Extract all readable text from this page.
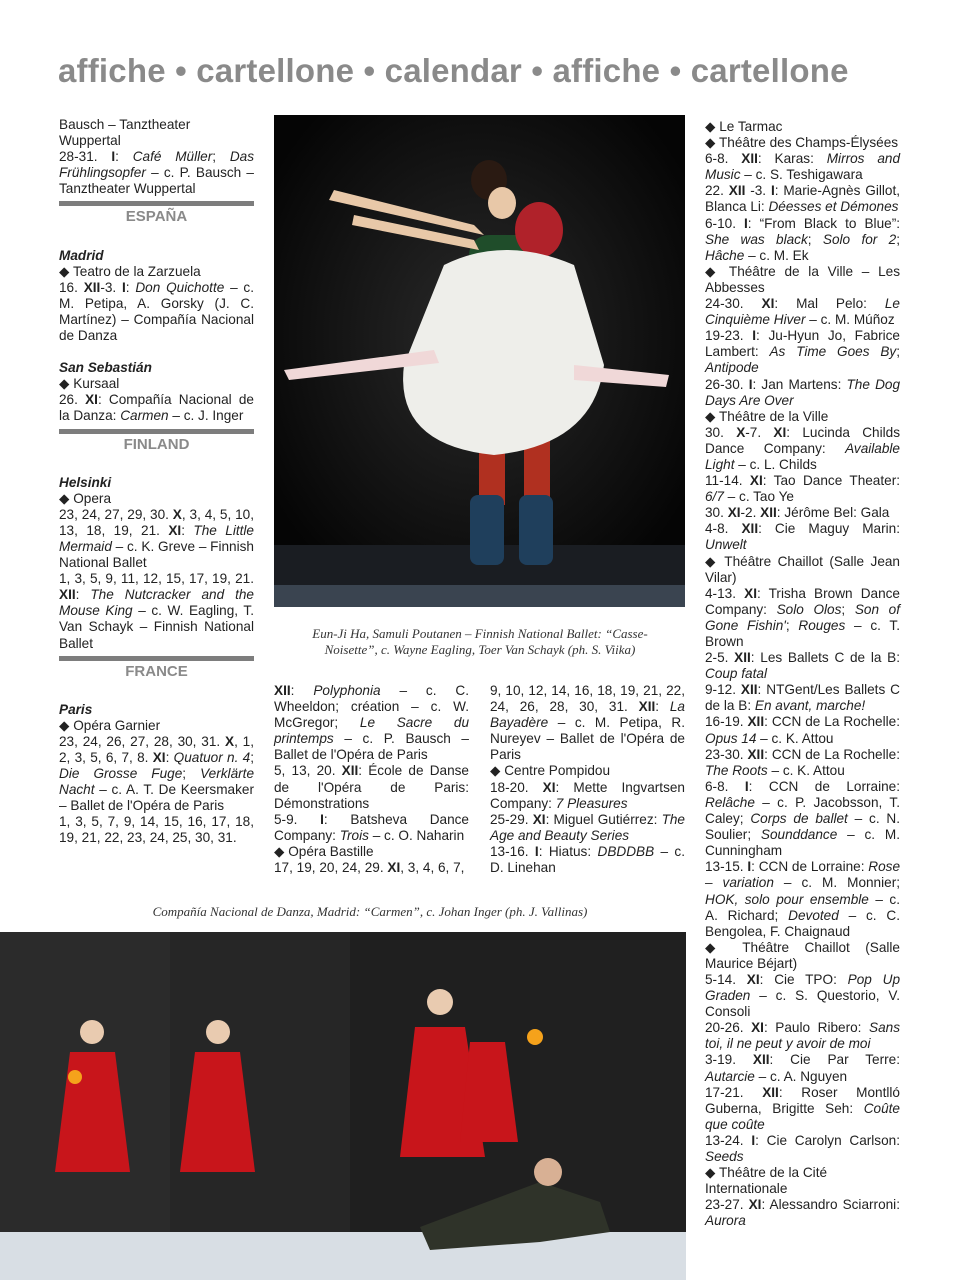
affiche • cartellone • calendar • affiche • cartellone

Bausch – Tanztheater Wuppertal

28-31. I: Café Müller; Das Frühlingsopfer – c. P. Bausch – Tanztheater Wuppertal

ESPAÑA

Madrid

◆ Teatro de la Zarzuela

16. XII-3. I: Don Quichotte – c. M. Petipa, A. Gorsky (J. C. Martínez) – Compañía Nacional de Danza

San Sebastián

◆ Kursaal

26. XI: Compañía Nacional de la Danza: Carmen – c. J. Inger

FINLAND

Helsinki

◆ Opera

23, 24, 27, 29, 30. X, 3, 4, 5, 10, 13, 18, 19, 21. XI: The Little Mermaid – c. K. Greve – Finnish National Ballet

1, 3, 5, 9, 11, 12, 15, 17, 19, 21. XII: The Nutcracker and the Mouse King – c. W. Eagling, T. Van Schayk – Finnish National Ballet

FRANCE

Paris

◆ Opéra Garnier

23, 24, 26, 27, 28, 30, 31. X, 1, 2, 3, 5, 6, 7, 8. XI: Quatuor n. 4; Die Grosse Fuge; Verklärte Nacht – c. A. T. De Keersmaker – Ballet de l'Opéra de Paris

1, 3, 5, 7, 9, 14, 15, 16, 17, 18, 19, 21, 22, 23, 24, 25, 30, 31.

Eun-Ji Ha, Samuli Poutanen – Finnish National Ballet: “Casse-Noisette”, c. Wayne Eagling, Toer Van Schayk (ph. S. Viika)

XII: Polyphonia – c. C. Wheeldon; création – c. W. McGregor; Le Sacre du printemps – c. P. Bausch – Ballet de l'Opéra de Paris

5, 13, 20. XII: École de Danse de l'Opéra de Paris: Démonstrations

5-9. I: Batsheva Dance Company: Trois – c. O. Naharin

◆ Opéra Bastille

17, 19, 20, 24, 29. XI, 3, 4, 6, 7,

9, 10, 12, 14, 16, 18, 19, 21, 22, 24, 26, 28, 30, 31. XII: La Bayadère – c. M. Petipa, R. Nureyev – Ballet de l'Opéra de Paris

◆ Centre Pompidou

18-20. XI: Mette Ingvartsen Company: 7 Pleasures

25-29. XI: Miguel Gutiérrez: The Age and Beauty Series

13-16. I: Hiatus: DBDDBB – c. D. Linehan

Compañía Nacional de Danza, Madrid: “Carmen”, c. Johan Inger (ph. J. Vallinas)

◆ Le Tarmac

◆ Théâtre des Champs-Élysées

6-8. XII: Karas: Mirros and Music – c. S. Teshigawara

22. XII -3. I: Marie-Agnès Gillot, Blanca Li: Déesses et Démones

6-10. I: “From Black to Blue”: She was black; Solo for 2; Hâche – c. M. Ek

◆ Théâtre de la Ville – Les Abbesses

24-30. XI: Mal Pelo: Le Cinquième Hiver – c. M. Múñoz

19-23. I: Ju-Hyun Jo, Fabrice Lambert: As Time Goes By; Antipode

26-30. I: Jan Martens: The Dog Days Are Over

◆ Théâtre de la Ville

30. X-7. XI: Lucinda Childs Dance Company: Available Light – c. L. Childs

11-14. XI: Tao Dance Theater: 6/7 – c. Tao Ye

30. XI-2. XII: Jérôme Bel: Gala

4-8. XII: Cie Maguy Marin: Unwelt

◆ Théâtre Chaillot (Salle Jean Vilar)

4-13. XI: Trisha Brown Dance Company: Solo Olos; Son of Gone Fishin'; Rouges – c. T. Brown

2-5. XII: Les Ballets C de la B: Coup fatal

9-12. XII: NTGent/Les Ballets C de la B: En avant, marche!

16-19. XII: CCN de La Rochelle: Opus 14 – c. K. Attou

23-30. XII: CCN de La Rochelle: The Roots – c. K. Attou

6-8. I: CCN de Lorraine: Relâche – c. P. Jacobsson, T. Caley; Corps de ballet – c. N. Soulier; Sounddance – c. M. Cunningham

13-15. I: CCN de Lorraine: Rose – variation – c. M. Monnier; HOK, solo pour ensemble – c. A. Richard; Devoted – c. C. Bengolea, F. Chaignaud

◆ Théâtre Chaillot (Salle Maurice Béjart)

5-14. XI: Cie TPO: Pop Up Graden – c. S. Questorio, V. Consoli

20-26. XI: Paulo Ribero: Sans toi, il ne peut y avoir de moi

3-19. XII: Cie Par Terre: Autarcie – c. A. Nguyen

17-21. XII: Roser Montlló Guberna, Brigitte Seh: Coûte que coûte

13-24. I: Cie Carolyn Carlson: Seeds

◆ Théâtre de la Cité Internationale

23-27. XI: Alessandro Sciarroni: Aurora
